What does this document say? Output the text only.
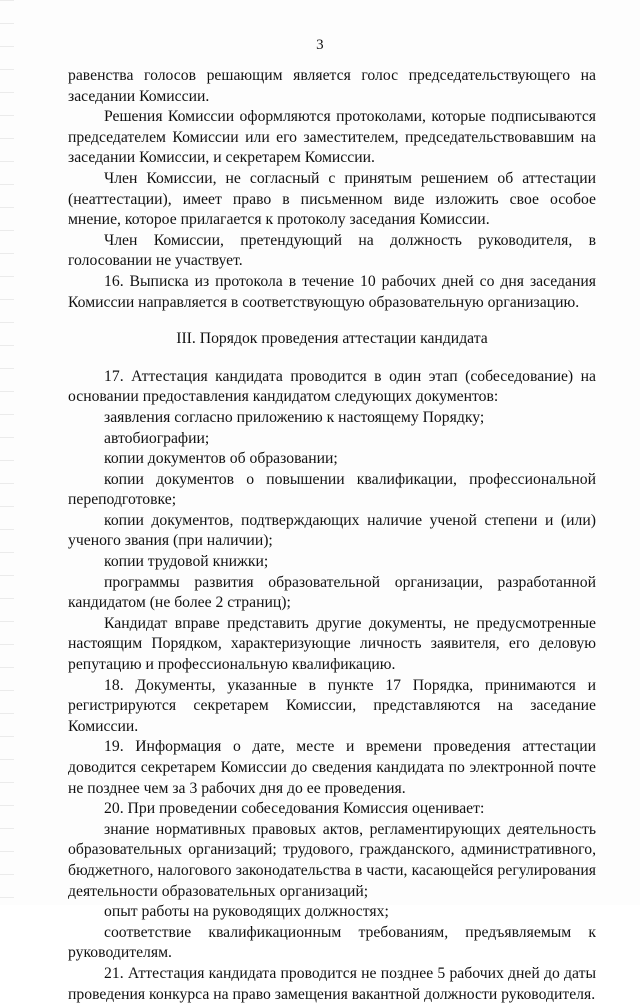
3

равенства голосов решающим является голос председательствующего на заседании Комиссии.

Решения Комиссии оформляются протоколами, которые подписываются председателем Комиссии или его заместителем, председательствовавшим на заседании Комиссии, и секретарем Комиссии.

Член Комиссии, не согласный с принятым решением об аттестации (неаттестации), имеет право в письменном виде изложить свое особое мнение, которое прилагается к протоколу заседания Комиссии.

Член Комиссии, претендующий на должность руководителя, в голосовании не участвует.

16. Выписка из протокола в течение 10 рабочих дней со дня заседания Комиссии направляется в соответствующую образовательную организацию.

III. Порядок проведения аттестации кандидата

17. Аттестация кандидата проводится в один этап (собеседование) на основании предоставления кандидатом следующих документов:

заявления согласно приложению к настоящему Порядку;

автобиографии;

копии документов об образовании;

копии документов о повышении квалификации, профессиональной переподготовке;

копии документов, подтверждающих наличие ученой степени и (или) ученого звания (при наличии);

копии трудовой книжки;

программы развития образовательной организации, разработанной кандидатом (не более 2 страниц);

Кандидат вправе представить другие документы, не предусмотренные настоящим Порядком, характеризующие личность заявителя, его деловую репутацию и профессиональную квалификацию.

18. Документы, указанные в пункте 17 Порядка, принимаются и регистрируются секретарем Комиссии, представляются на заседание Комиссии.

19. Информация о дате, месте и времени проведения аттестации доводится секретарем Комиссии до сведения кандидата по электронной почте не позднее чем за 3 рабочих дня до ее проведения.

20. При проведении собеседования Комиссия оценивает:

знание нормативных правовых актов, регламентирующих деятельность образовательных организаций; трудового, гражданского, административного, бюджетного, налогового законодательства в части, касающейся регулирования деятельности образовательных организаций;

опыт работы на руководящих должностях;

соответствие квалификационным требованиям, предъявляемым к руководителям.

21. Аттестация кандидата проводится не позднее 5 рабочих дней до даты проведения конкурса на право замещения вакантной должности руководителя.
